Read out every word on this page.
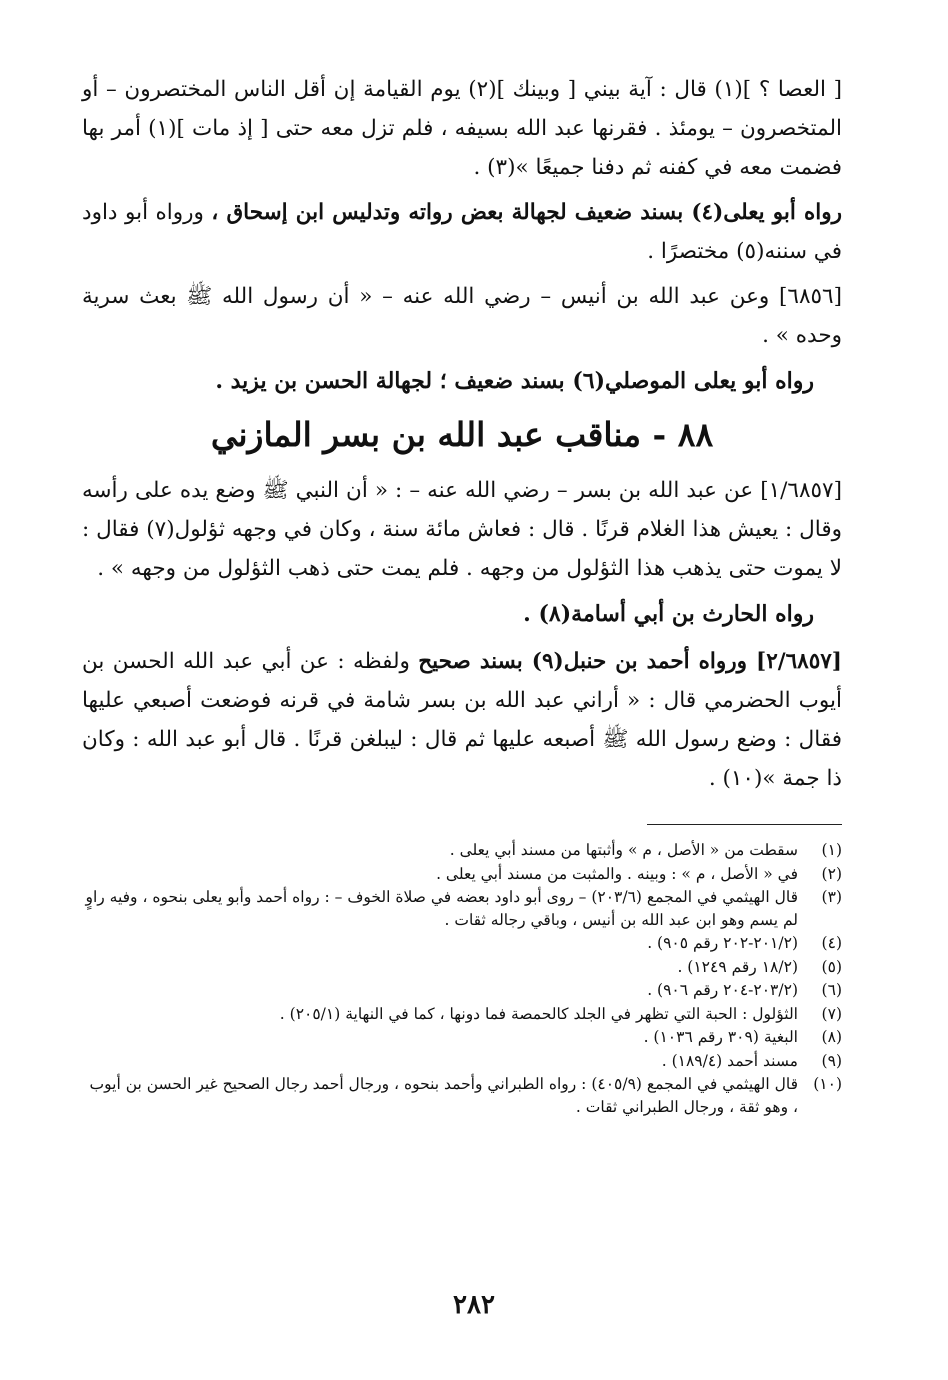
[ العصا ؟ ](١) قال : آية بيني [ وبينك ](٢) يوم القيامة إن أقل الناس المختصرون – أو المتخصرون – يومئذ . فقرنها عبد الله بسيفه ، فلم تزل معه حتى [ إذ مات ](١) أمر بها فضمت معه في كفنه ثم دفنا جميعًا »(٣) .

رواه أبو يعلى(٤) بسند ضعيف لجهالة بعض رواته وتدليس ابن إسحاق ، ورواه أبو داود في سننه(٥) مختصرًا .

[٦٨٥٦] وعن عبد الله بن أنيس – رضي الله عنه – « أن رسول الله ﷺ بعث سرية وحده » .

رواه أبو يعلى الموصلي(٦) بسند ضعيف ؛ لجهالة الحسن بن يزيد .
٨٨ - مناقب عبد الله بن بسر المازني

[١/٦٨٥٧] عن عبد الله بن بسر – رضي الله عنه – : « أن النبي ﷺ وضع يده على رأسه وقال : يعيش هذا الغلام قرنًا . قال : فعاش مائة سنة ، وكان في وجهه ثؤلول(٧) فقال : لا يموت حتى يذهب هذا الثؤلول من وجهه . فلم يمت حتى ذهب الثؤلول من وجهه » .

رواه الحارث بن أبي أسامة(٨) .

[٢/٦٨٥٧] ورواه أحمد بن حنبل(٩) بسند صحيح ولفظه : عن أبي عبد الله الحسن بن أيوب الحضرمي قال : « أراني عبد الله بن بسر شامة في قرنه فوضعت أصبعي عليها فقال : وضع رسول الله ﷺ أصبعه عليها ثم قال : ليبلغن قرنًا . قال أبو عبد الله : وكان ذا جمة »(١٠) .

(١)
سقطت من « الأصل ، م » وأثبتها من مسند أبي يعلى .
(٢)
في « الأصل ، م » : وبينه . والمثبت من مسند أبي يعلى .
(٣)
قال الهيثمي في المجمع (٢٠٣/٦) – روى أبو داود بعضه في صلاة الخوف – : رواه أحمد وأبو يعلى بنحوه ، وفيه راوٍ لم يسم وهو ابن عبد الله بن أنيس ، وباقي رجاله ثقات .
(٤)
(٢٠١/٢-٢٠٢ رقم ٩٠٥) .
(٥)
(١٨/٢ رقم ١٢٤٩) .
(٦)
(٢٠٣/٢-٢٠٤ رقم ٩٠٦) .
(٧)
الثؤلول : الحبة التي تظهر في الجلد كالحمصة فما دونها ، كما في النهاية (٢٠٥/١) .
(٨)
البغية (٣٠٩ رقم ١٠٣٦) .
(٩)
مسند أحمد (١٨٩/٤) .
(١٠)
قال الهيثمي في المجمع (٤٠٥/٩) : رواه الطبراني وأحمد بنحوه ، ورجال أحمد رجال الصحيح غير الحسن بن أيوب ، وهو ثقة ، ورجال الطبراني ثقات .
٢٨٢
